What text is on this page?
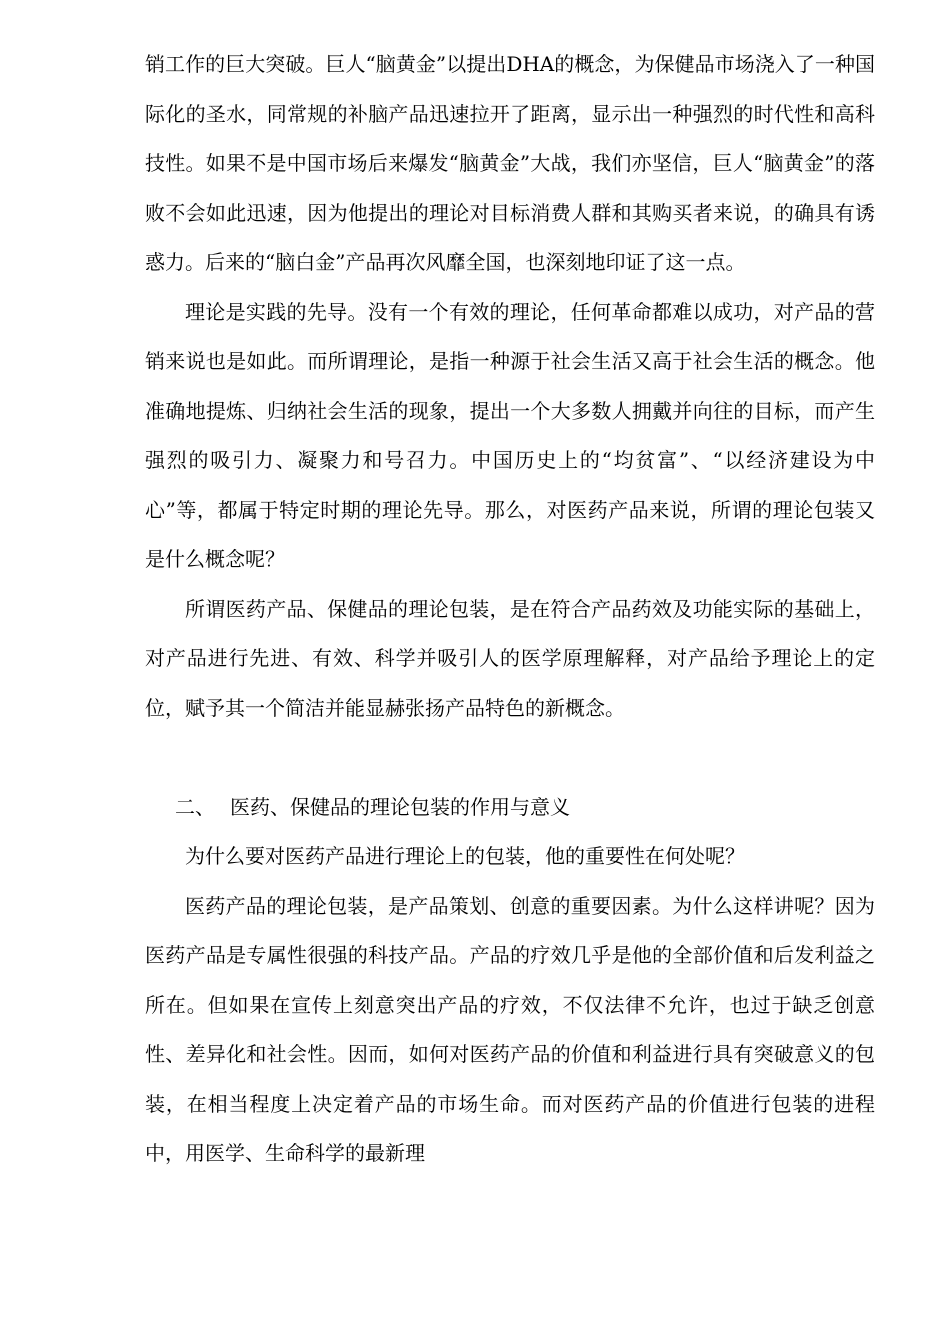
销工作的巨大突破。巨人“脑黄金”以提出DHA的概念，为保健品市场浇入了一种国际化的圣水，同常规的补脑产品迅速拉开了距离，显示出一种强烈的时代性和高科技性。如果不是中国市场后来爆发“脑黄金”大战，我们亦坚信，巨人“脑黄金”的落败不会如此迅速，因为他提出的理论对目标消费人群和其购买者来说，的确具有诱惑力。后来的“脑白金”产品再次风靡全国，也深刻地印证了这一点。

理论是实践的先导。没有一个有效的理论，任何革命都难以成功，对产品的营销来说也是如此。而所谓理论，是指一种源于社会生活又高于社会生活的概念。他准确地提炼、归纳社会生活的现象，提出一个大多数人拥戴并向往的目标，而产生强烈的吸引力、凝聚力和号召力。中国历史上的“均贫富”、“以经济建设为中心”等，都属于特定时期的理论先导。那么，对医药产品来说，所谓的理论包装又是什么概念呢？

所谓医药产品、保健品的理论包装，是在符合产品药效及功能实际的基础上，对产品进行先进、有效、科学并吸引人的医学原理解释，对产品给予理论上的定位，赋予其一个简洁并能显赫张扬产品特色的新概念。

二、 医药、保健品的理论包装的作用与意义

为什么要对医药产品进行理论上的包装，他的重要性在何处呢？

医药产品的理论包装，是产品策划、创意的重要因素。为什么这样讲呢？因为医药产品是专属性很强的科技产品。产品的疗效几乎是他的全部价值和后发利益之所在。但如果在宣传上刻意突出产品的疗效，不仅法律不允许，也过于缺乏创意性、差异化和社会性。因而，如何对医药产品的价值和利益进行具有突破意义的包装，在相当程度上决定着产品的市场生命。而对医药产品的价值进行包装的进程中，用医学、生命科学的最新理
